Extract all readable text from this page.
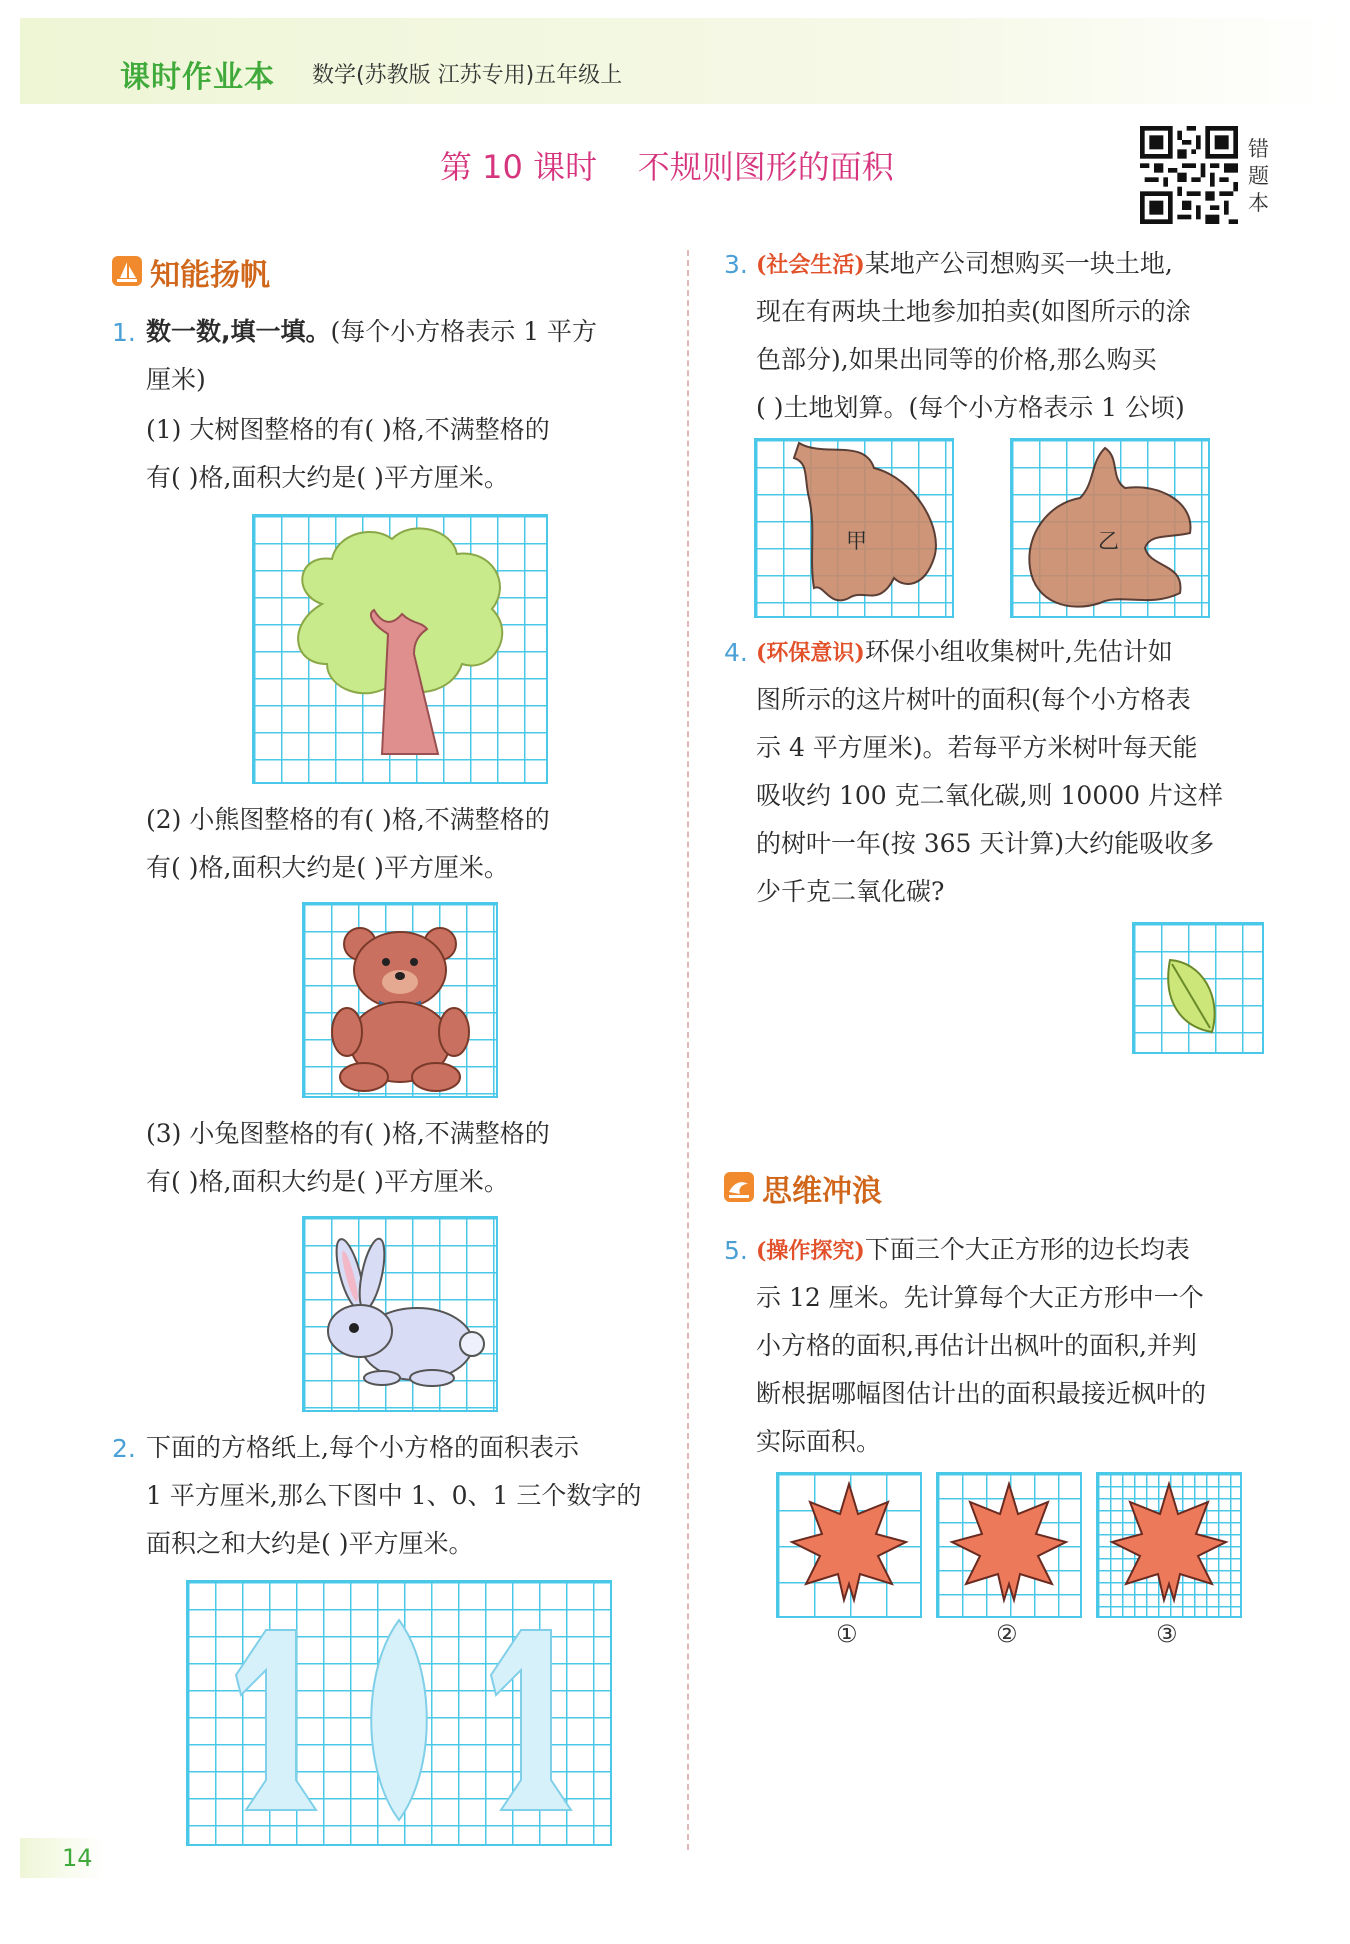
课时作业本 数学(苏教版 江苏专用)五年级上
第 10 课时    不规则图形的面积	错
题
本
知能扬帆
1. 数一数,填一填。(每个小方格表示 1 平方
厘米)
(1) 大树图整格的有( )格,不满整格的
有( )格,面积大约是( )平方厘米。
(2) 小熊图整格的有( )格,不满整格的
有( )格,面积大约是( )平方厘米。
(3) 小兔图整格的有( )格,不满整格的
有( )格,面积大约是( )平方厘米。
2. 下面的方格纸上,每个小方格的面积表示
1 平方厘米,那么下图中 1、0、1 三个数字的
面积之和大约是( )平方厘米。
3. (社会生活)某地产公司想购买一块土地,
现在有两块土地参加拍卖(如图所示的涂
色部分),如果出同等的价格,那么购买
( )土地划算。(每个小方格表示 1 公顷)
甲	乙
4. (环保意识)环保小组收集树叶,先估计如
图所示的这片树叶的面积(每个小方格表
示 4 平方厘米)。若每平方米树叶每天能
吸收约 100 克二氧化碳,则 10000 片这样
的树叶一年(按 365 天计算)大约能吸收多
少千克二氧化碳?
思维冲浪
5. (操作探究)下面三个大正方形的边长均表
示 12 厘米。先计算每个大正方形中一个
小方格的面积,再估计出枫叶的面积,并判
断根据哪幅图估计出的面积最接近枫叶的
实际面积。
①	②	③
14
